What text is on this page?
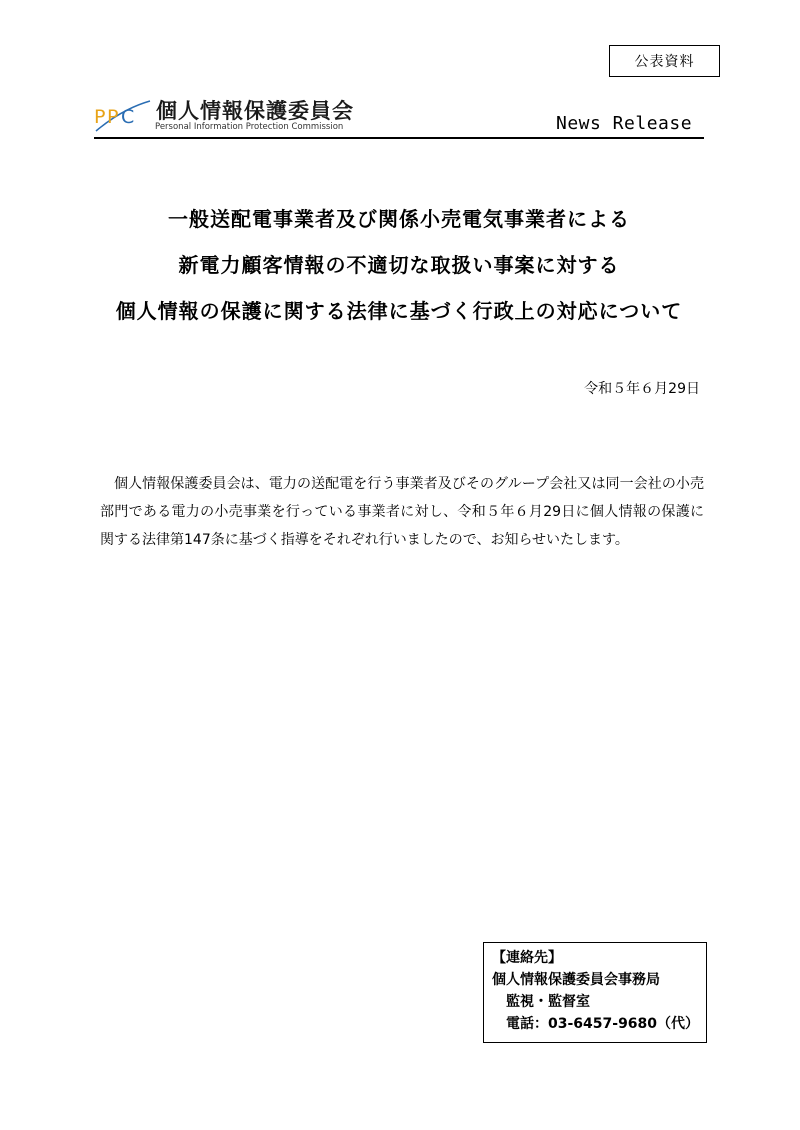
公表資料
P P C 個人情報保護委員会
Personal Information Protection Commission	News Release
一般送配電事業者及び関係小売電気事業者による
新電力顧客情報の不適切な取扱い事案に対する
個人情報の保護に関する法律に基づく行政上の対応について
令和５年６月29日
個人情報保護委員会は、電力の送配電を行う事業者及びそのグループ会社又は同一会社の小売部門である電力の小売事業を行っている事業者に対し、令和５年６月29日に個人情報の保護に関する法律第147条に基づく指導をそれぞれ行いましたので、お知らせいたします。
【連絡先】
個人情報保護委員会事務局
監視・監督室
電話：03-6457-9680（代）
